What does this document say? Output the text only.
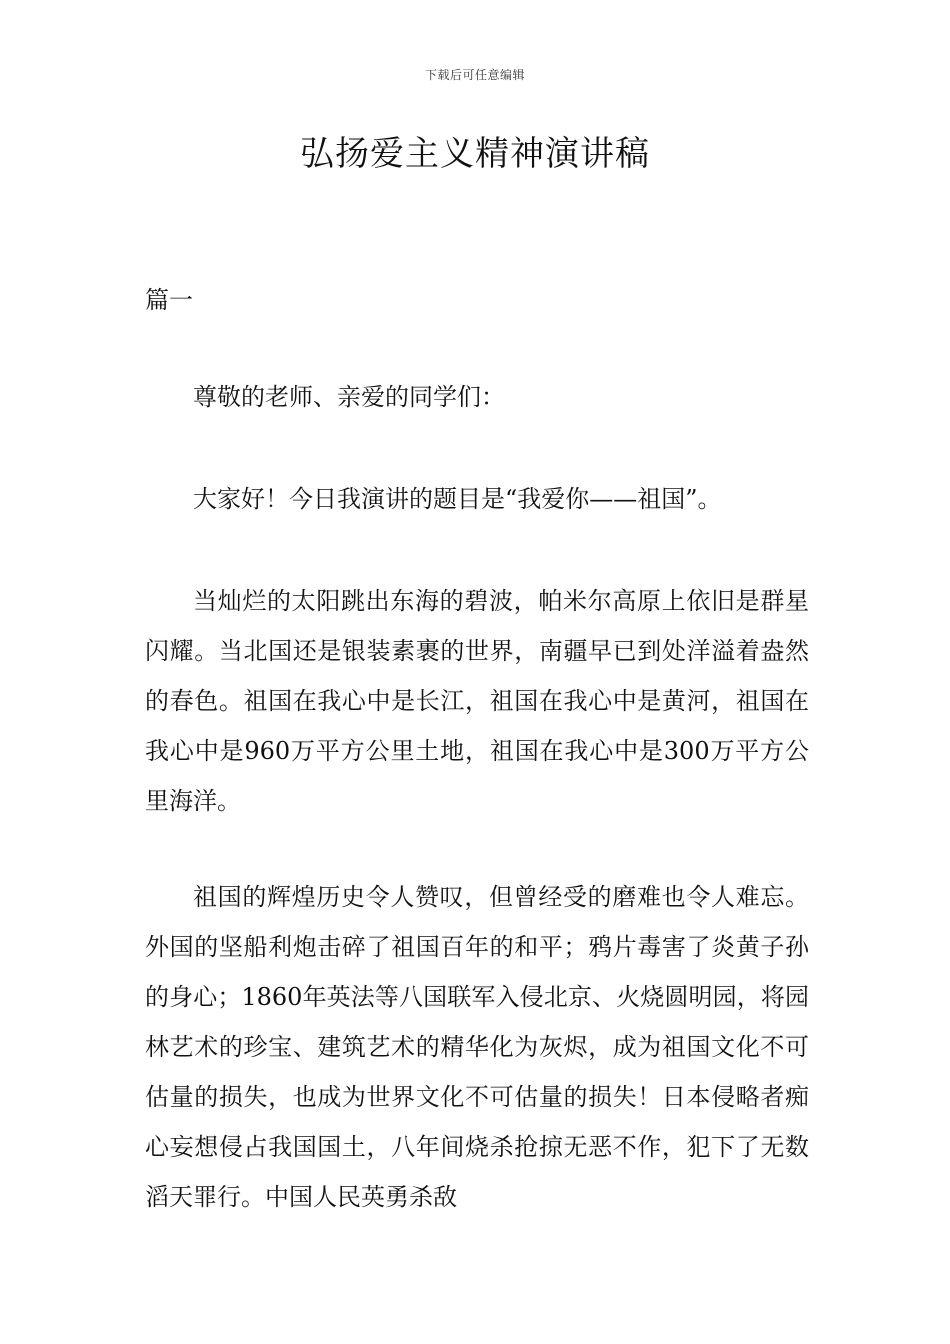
下载后可任意编辑
弘扬爱主义精神演讲稿
篇一

尊敬的老师、亲爱的同学们：

大家好！今日我演讲的题目是“我爱你——祖国”。

当灿烂的太阳跳出东海的碧波，帕米尔高原上依旧是群星闪耀。当北国还是银装素裹的世界，南疆早已到处洋溢着盎然的春色。祖国在我心中是长江，祖国在我心中是黄河，祖国在我心中是960万平方公里土地，祖国在我心中是300万平方公里海洋。

祖国的辉煌历史令人赞叹，但曾经受的磨难也令人难忘。外国的坚船利炮击碎了祖国百年的和平；鸦片毒害了炎黄子孙的身心；1860年英法等八国联军入侵北京、火烧圆明园，将园林艺术的珍宝、建筑艺术的精华化为灰烬，成为祖国文化不可估量的损失，也成为世界文化不可估量的损失！日本侵略者痴心妄想侵占我国国土，八年间烧杀抢掠无恶不作，犯下了无数滔天罪行。中国人民英勇杀敌
